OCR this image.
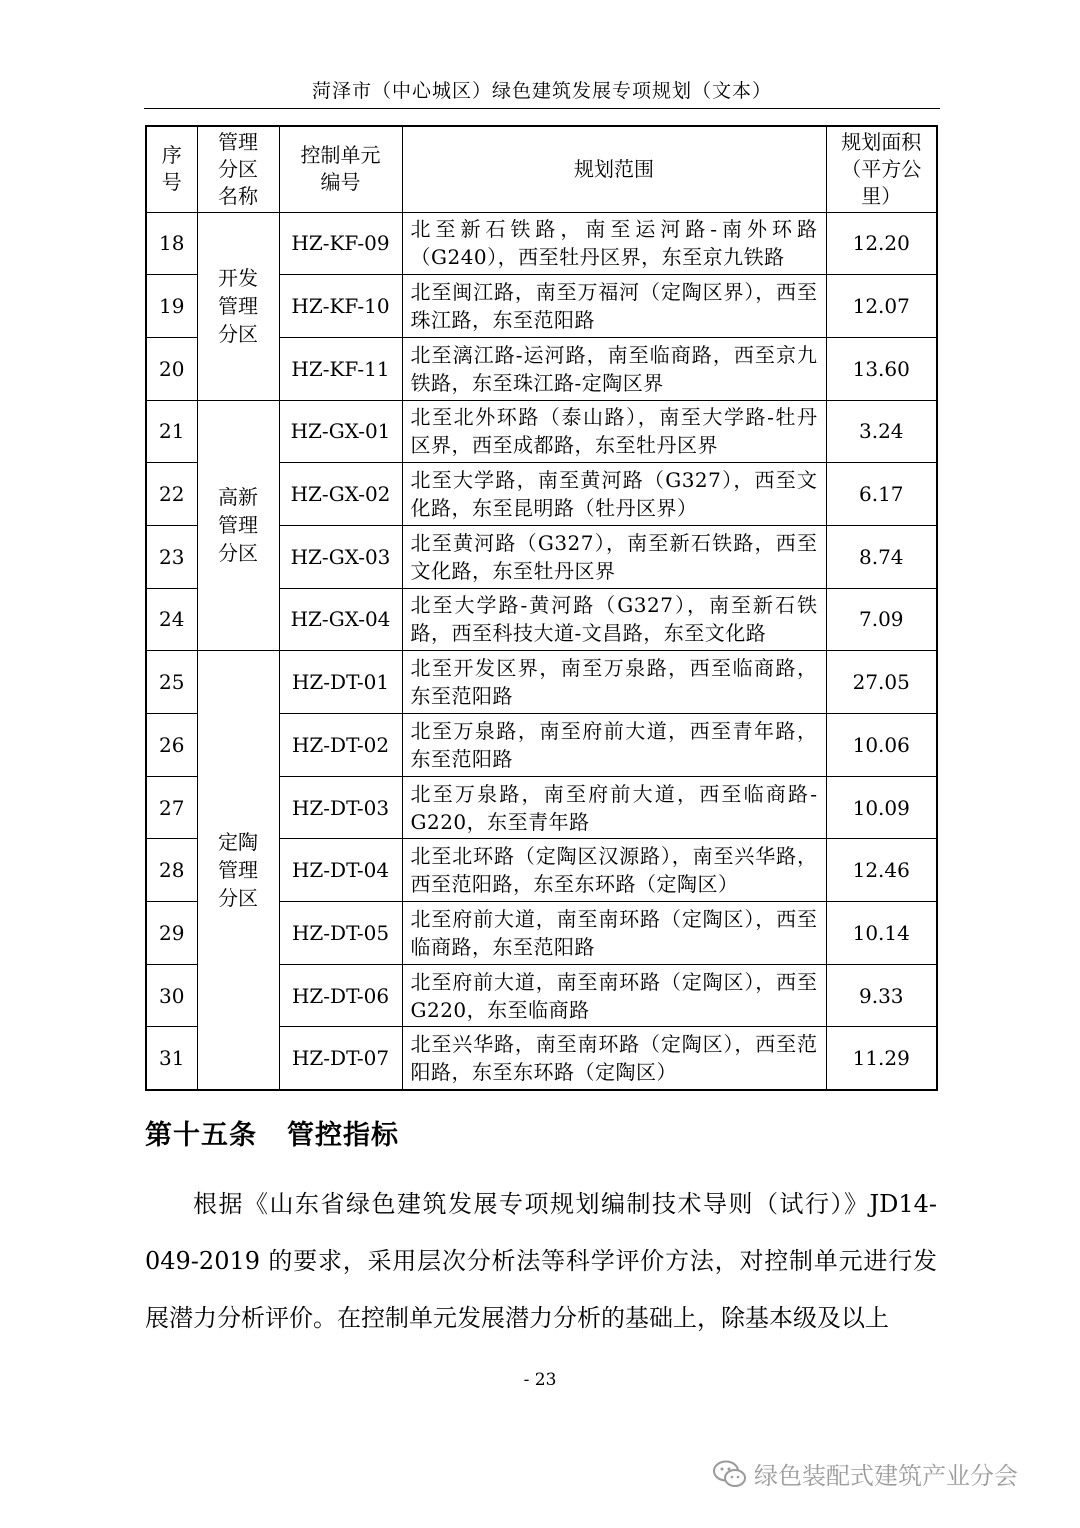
菏泽市（中心城区）绿色建筑发展专项规划（文本）
序号	管理分区名称	控制单元编号	规划范围	规划面积（平方公里）
18	开发管理分区	HZ-KF-09	北至新石铁路，南至运河路-南外环路（G240），西至牡丹区界，东至京九铁路	12.20
19		HZ-KF-10	北至闽江路，南至万福河（定陶区界），西至珠江路，东至范阳路	12.07
20		HZ-KF-11	北至漓江路-运河路，南至临商路，西至京九铁路，东至珠江路-定陶区界	13.60
21	高新管理分区	HZ-GX-01	北至北外环路（泰山路），南至大学路-牡丹区界，西至成都路，东至牡丹区界	3.24
22		HZ-GX-02	北至大学路，南至黄河路（G327），西至文化路，东至昆明路（牡丹区界）	6.17
23		HZ-GX-03	北至黄河路（G327），南至新石铁路，西至文化路，东至牡丹区界	8.74
24		HZ-GX-04	北至大学路-黄河路（G327），南至新石铁路，西至科技大道-文昌路，东至文化路	7.09
25	定陶管理分区	HZ-DT-01	北至开发区界，南至万泉路，西至临商路，东至范阳路	27.05
26		HZ-DT-02	北至万泉路，南至府前大道，西至青年路，东至范阳路	10.06
27		HZ-DT-03	北至万泉路，南至府前大道，西至临商路-G220，东至青年路	10.09
28		HZ-DT-04	北至北环路（定陶区汉源路），南至兴华路，西至范阳路，东至东环路（定陶区）	12.46
29		HZ-DT-05	北至府前大道，南至南环路（定陶区），西至临商路，东至范阳路	10.14
30		HZ-DT-06	北至府前大道，南至南环路（定陶区），西至 G220，东至临商路	9.33
31		HZ-DT-07	北至兴华路，南至南环路（定陶区），西至范阳路，东至东环路（定陶区）	11.29
第十五条 管控指标
根据《山东省绿色建筑发展专项规划编制技术导则（试行）》JD14-049-2019 的要求，采用层次分析法等科学评价方法，对控制单元进行发展潜力分析评价。在控制单元发展潜力分析的基础上，除基本级及以上
- 23
绿色装配式建筑产业分会
